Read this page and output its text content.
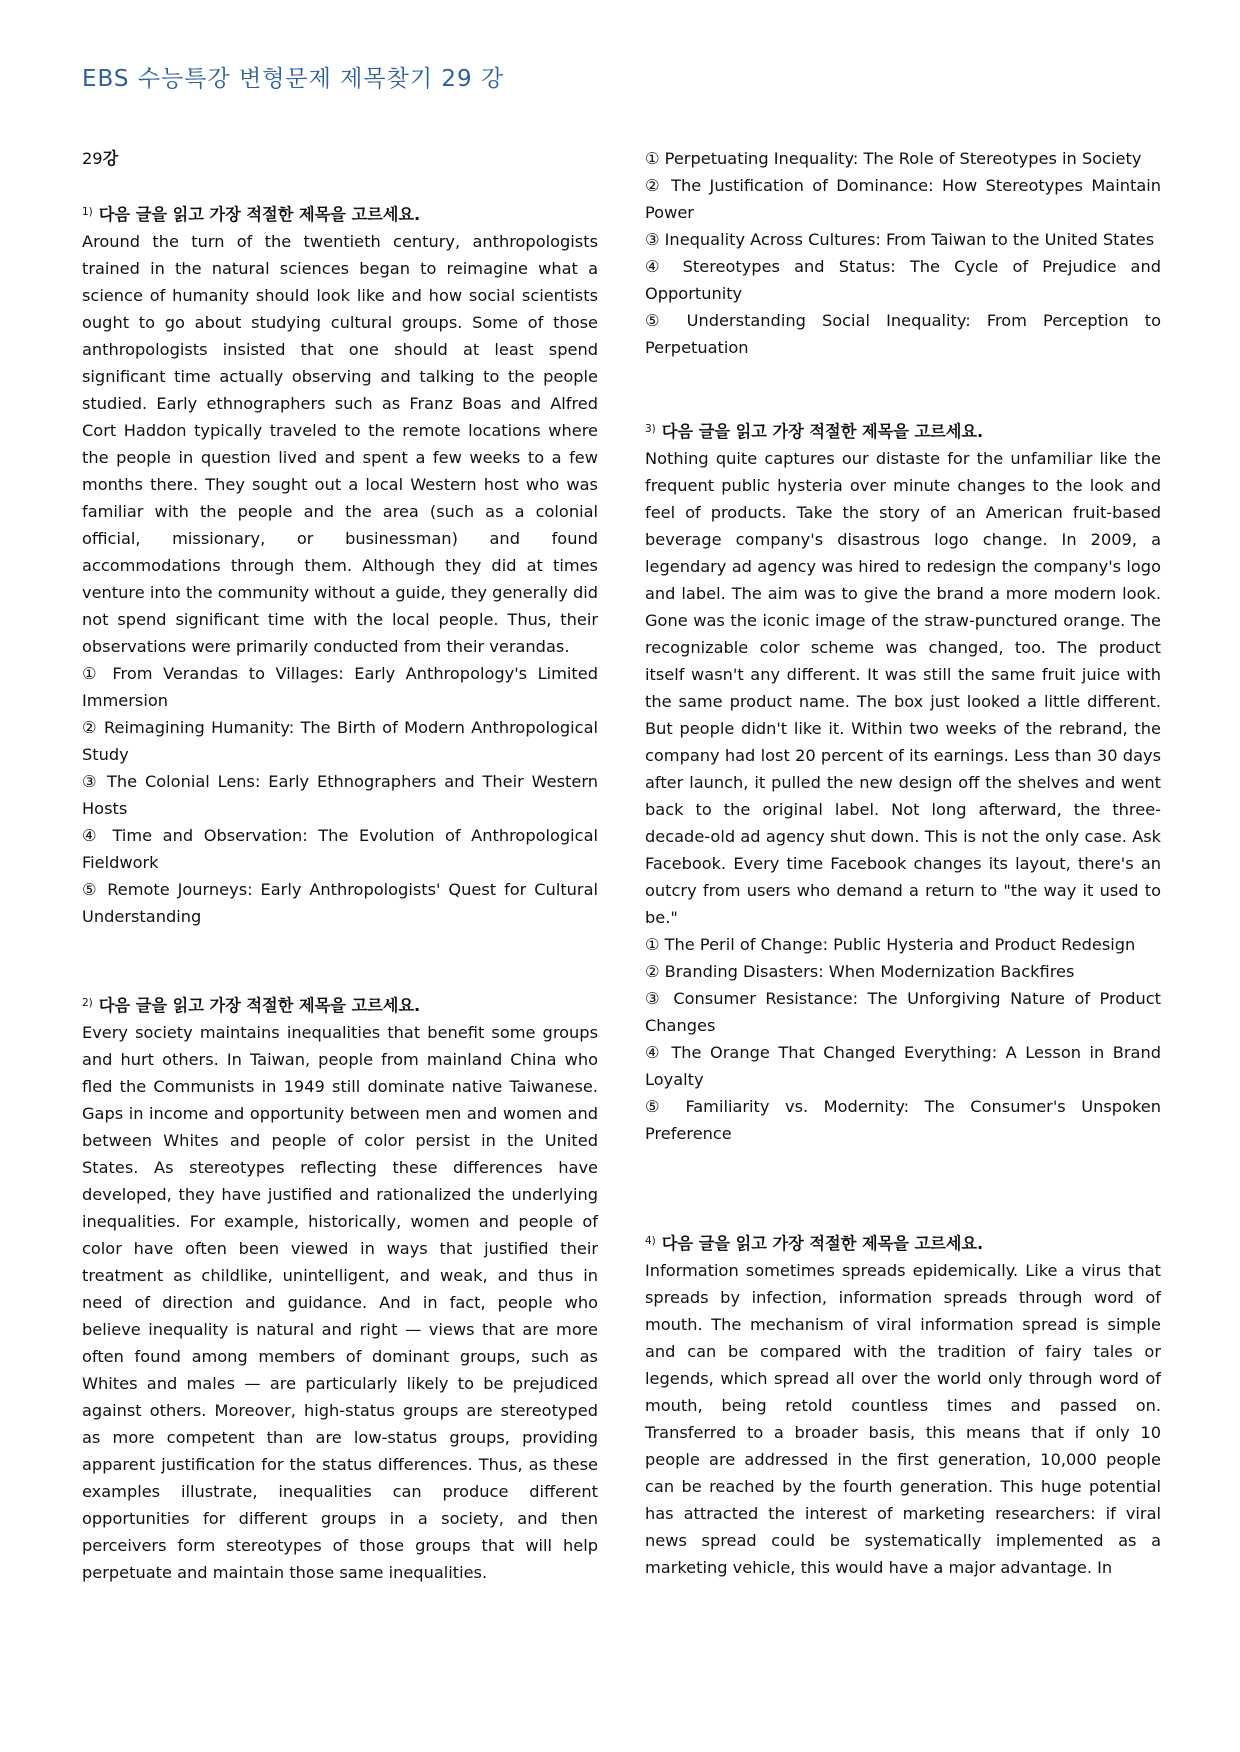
EBS 수능특강 변형문제 제목찾기 29 강

29강

$^{1)}$ 다음 글을 읽고 가장 적절한 제목을 고르세요.

Around the turn of the twentieth century, anthropologists trained in the natural sciences began to reimagine what a science of humanity should look like and how social scientists ought to go about studying cultural groups. Some of those anthropologists insisted that one should at least spend significant time actually observing and talking to the people studied. Early ethnographers such as Franz Boas and Alfred Cort Haddon typically traveled to the remote locations where the people in question lived and spent a few weeks to a few months there. They sought out a local Western host who was familiar with the people and the area (such as a colonial official, missionary, or businessman) and found accommodations through them. Although they did at times venture into the community without a guide, they generally did not spend significant time with the local people. Thus, their observations were primarily conducted from their verandas.

① From Verandas to Villages: Early Anthropology's Limited Immersion
② Reimagining Humanity: The Birth of Modern Anthropological Study
③ The Colonial Lens: Early Ethnographers and Their Western Hosts
④ Time and Observation: The Evolution of Anthropological Fieldwork
⑤ Remote Journeys: Early Anthropologists' Quest for Cultural Understanding

$^{2)}$ 다음 글을 읽고 가장 적절한 제목을 고르세요.

Every society maintains inequalities that benefit some groups and hurt others. In Taiwan, people from mainland China who fled the Communists in 1949 still dominate native Taiwanese. Gaps in income and opportunity between men and women and between Whites and people of color persist in the United States. As stereotypes reflecting these differences have developed, they have justified and rationalized the underlying inequalities. For example, historically, women and people of color have often been viewed in ways that justified their treatment as childlike, unintelligent, and weak, and thus in need of direction and guidance. And in fact, people who believe inequality is natural and right — views that are more often found among members of dominant groups, such as Whites and males — are particularly likely to be prejudiced against others. Moreover, high-status groups are stereotyped as more competent than are low-status groups, providing apparent justification for the status differences. Thus, as these examples illustrate, inequalities can produce different opportunities for different groups in a society, and then perceivers form stereotypes of those groups that will help perpetuate and maintain those same inequalities.

① Perpetuating Inequality: The Role of Stereotypes in Society
② The Justification of Dominance: How Stereotypes Maintain Power
③ Inequality Across Cultures: From Taiwan to the United States
④ Stereotypes and Status: The Cycle of Prejudice and Opportunity
⑤ Understanding Social Inequality: From Perception to Perpetuation

$^{3)}$ 다음 글을 읽고 가장 적절한 제목을 고르세요.

Nothing quite captures our distaste for the unfamiliar like the frequent public hysteria over minute changes to the look and feel of products. Take the story of an American fruit-based beverage company's disastrous logo change. In 2009, a legendary ad agency was hired to redesign the company's logo and label. The aim was to give the brand a more modern look. Gone was the iconic image of the straw-punctured orange. The recognizable color scheme was changed, too. The product itself wasn't any different. It was still the same fruit juice with the same product name. The box just looked a little different. But people didn't like it. Within two weeks of the rebrand, the company had lost 20 percent of its earnings. Less than 30 days after launch, it pulled the new design off the shelves and went back to the original label. Not long afterward, the three-decade-old ad agency shut down. This is not the only case. Ask Facebook. Every time Facebook changes its layout, there's an outcry from users who demand a return to "the way it used to be."

① The Peril of Change: Public Hysteria and Product Redesign
② Branding Disasters: When Modernization Backfires
③ Consumer Resistance: The Unforgiving Nature of Product Changes
④ The Orange That Changed Everything: A Lesson in Brand Loyalty
⑤ Familiarity vs. Modernity: The Consumer's Unspoken Preference

$^{4)}$ 다음 글을 읽고 가장 적절한 제목을 고르세요.

Information sometimes spreads epidemically. Like a virus that spreads by infection, information spreads through word of mouth. The mechanism of viral information spread is simple and can be compared with the tradition of fairy tales or legends, which spread all over the world only through word of mouth, being retold countless times and passed on. Transferred to a broader basis, this means that if only 10 people are addressed in the first generation, 10,000 people can be reached by the fourth generation. This huge potential has attracted the interest of marketing researchers: if viral news spread could be systematically implemented as a marketing vehicle, this would have a major advantage. In
